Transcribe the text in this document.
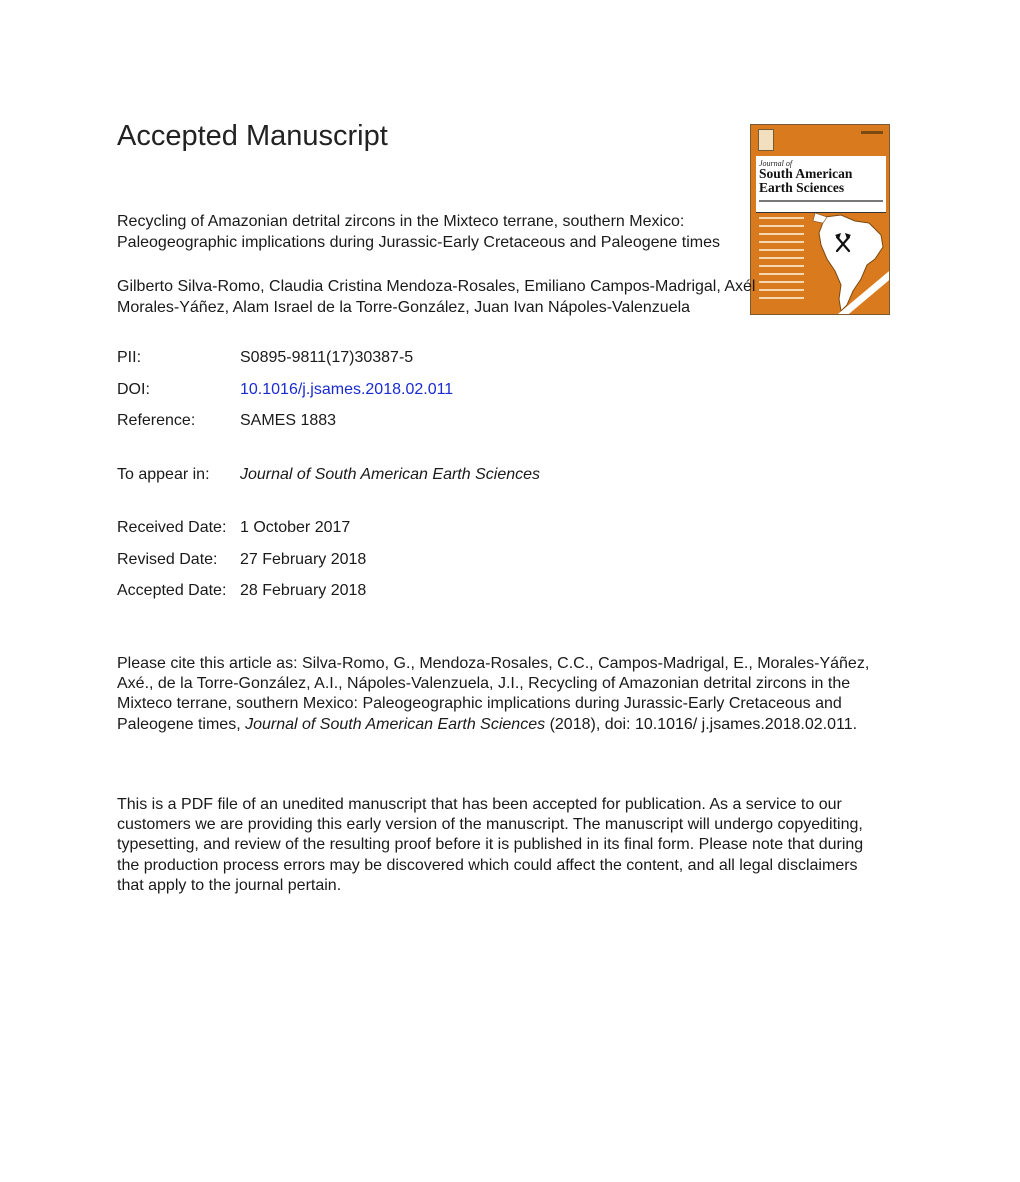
Accepted Manuscript
Journal of
South American
Earth Sciences
Recycling of Amazonian detrital zircons in the Mixteco terrane, southern Mexico: Paleogeographic implications during Jurassic-Early Cretaceous and Paleogene times
Gilberto Silva-Romo, Claudia Cristina Mendoza-Rosales, Emiliano Campos-Madrigal, Axél Morales-Yáñez, Alam Israel de la Torre-González, Juan Ivan Nápoles-Valenzuela
PII:	S0895-9811(17)30387-5
DOI:	10.1016/j.jsames.2018.02.011
Reference:	SAMES 1883
To appear in: Journal of South American Earth Sciences
Received Date: 1 October 2017
Revised Date: 27 February 2018
Accepted Date: 28 February 2018
Please cite this article as: Silva-Romo, G., Mendoza-Rosales, C.C., Campos-Madrigal, E., Morales-Yáñez, Axé., de la Torre-González, A.I., Nápoles-Valenzuela, J.I., Recycling of Amazonian detrital zircons in the Mixteco terrane, southern Mexico: Paleogeographic implications during Jurassic-Early Cretaceous and Paleogene times, Journal of South American Earth Sciences (2018), doi: 10.1016/ j.jsames.2018.02.011.
This is a PDF file of an unedited manuscript that has been accepted for publication. As a service to our customers we are providing this early version of the manuscript. The manuscript will undergo copyediting, typesetting, and review of the resulting proof before it is published in its final form. Please note that during the production process errors may be discovered which could affect the content, and all legal disclaimers that apply to the journal pertain.
